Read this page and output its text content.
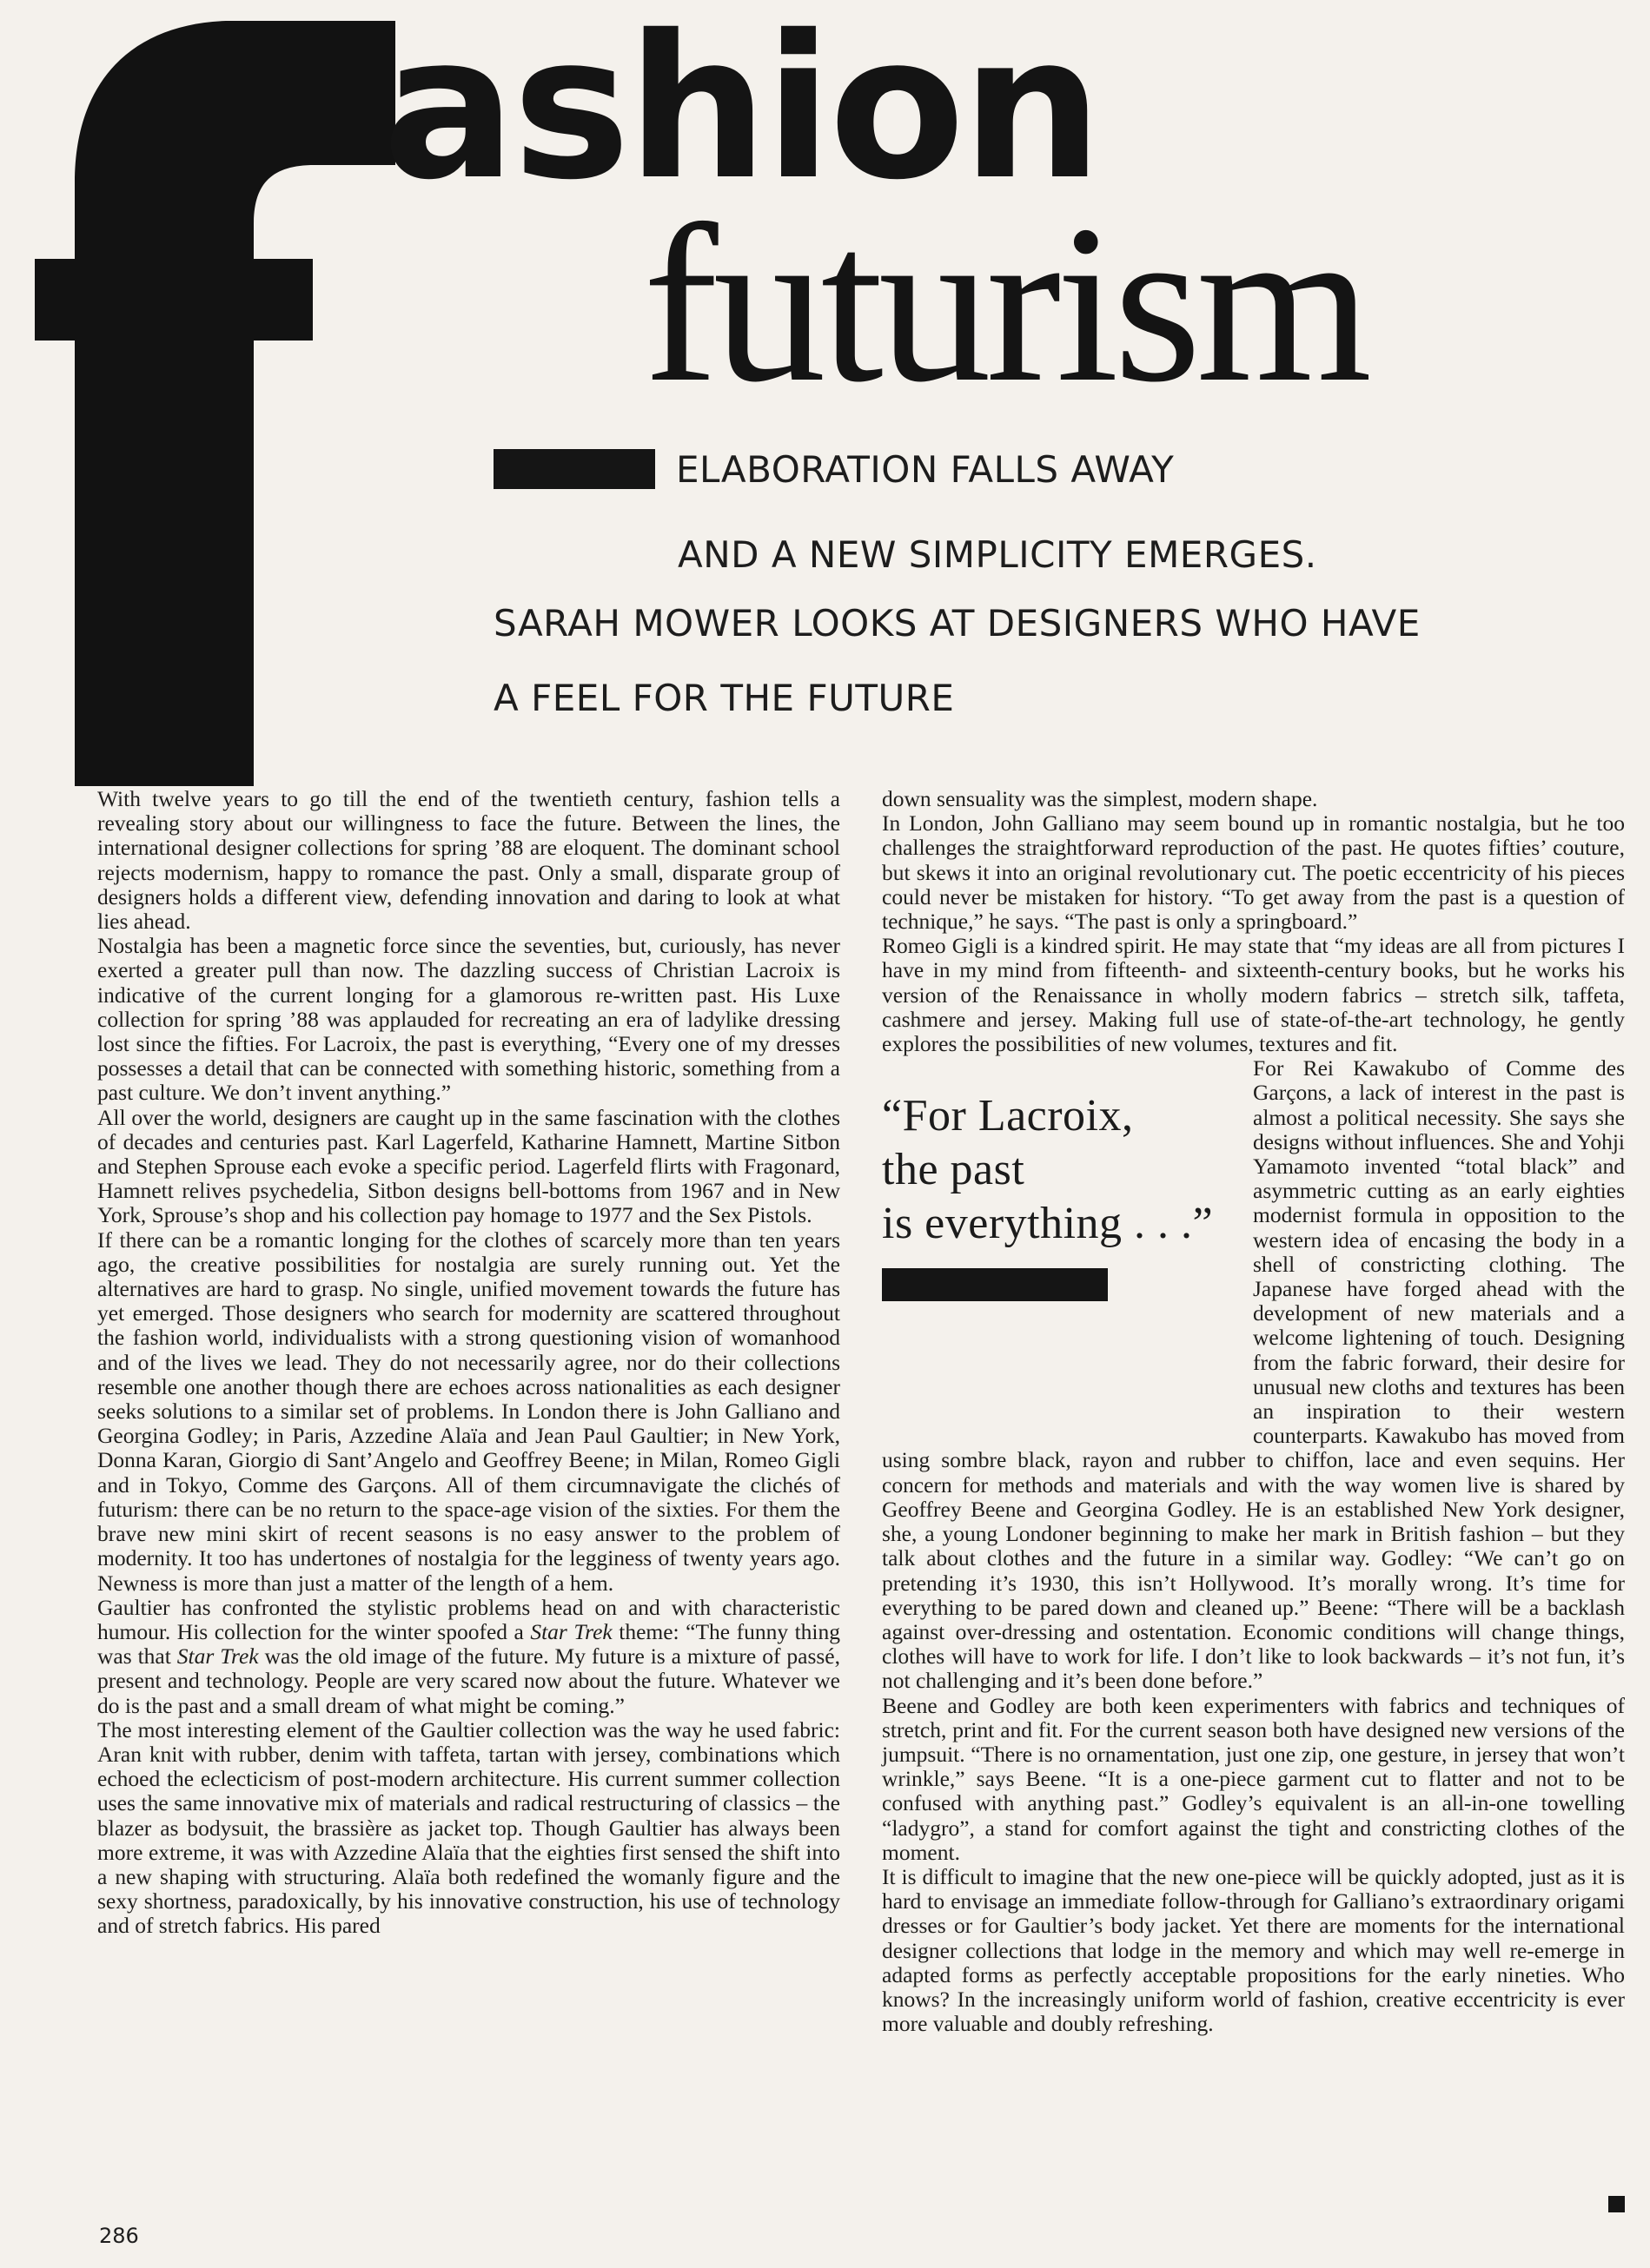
ashion
futurism
ELABORATION FALLS AWAY
AND A NEW SIMPLICITY EMERGES.
SARAH MOWER LOOKS AT DESIGNERS WHO HAVE
A FEEL FOR THE FUTURE

With twelve years to go till the end of the twentieth century, fashion tells a revealing story about our willingness to face the future. Between the lines, the international designer collections for spring ’88 are eloquent. The dominant school rejects modernism, happy to romance the past. Only a small, disparate group of designers holds a different view, defending innovation and daring to look at what lies ahead.

Nostalgia has been a magnetic force since the seventies, but, curiously, has never exerted a greater pull than now. The dazzling success of Christian Lacroix is indicative of the current longing for a glamorous re-written past. His Luxe collection for spring ’88 was applauded for recreating an era of ladylike dressing lost since the fifties. For Lacroix, the past is everything, “Every one of my dresses possesses a detail that can be connected with something historic, something from a past culture. We don’t invent anything.”

All over the world, designers are caught up in the same fascination with the clothes of decades and centuries past. Karl Lagerfeld, Katharine Hamnett, Martine Sitbon and Stephen Sprouse each evoke a specific period. Lagerfeld flirts with Fragonard, Hamnett relives psychedelia, Sitbon designs bell-bottoms from 1967 and in New York, Sprouse’s shop and his collection pay homage to 1977 and the Sex Pistols.

If there can be a romantic longing for the clothes of scarcely more than ten years ago, the creative possibilities for nostalgia are surely running out. Yet the alternatives are hard to grasp. No single, unified movement towards the future has yet emerged. Those designers who search for modernity are scattered throughout the fashion world, individualists with a strong questioning vision of womanhood and of the lives we lead. They do not necessarily agree, nor do their collections resemble one another though there are echoes across nationalities as each designer seeks solutions to a similar set of problems. In London there is John Galliano and Georgina Godley; in Paris, Azzedine Alaïa and Jean Paul Gaultier; in New York, Donna Karan, Giorgio di Sant’Angelo and Geoffrey Beene; in Milan, Romeo Gigli and in Tokyo, Comme des Garçons. All of them circumnavigate the clichés of futurism: there can be no return to the space-age vision of the sixties. For them the brave new mini skirt of recent seasons is no easy answer to the problem of modernity. It too has undertones of nostalgia for the legginess of twenty years ago. Newness is more than just a matter of the length of a hem.

Gaultier has confronted the stylistic problems head on and with characteristic humour. His collection for the winter spoofed a Star Trek theme: “The funny thing was that Star Trek was the old image of the future. My future is a mixture of passé, present and technology. People are very scared now about the future. Whatever we do is the past and a small dream of what might be coming.”

The most interesting element of the Gaultier collection was the way he used fabric: Aran knit with rubber, denim with taffeta, tartan with jersey, combinations which echoed the eclecticism of post-modern architecture. His current summer collection uses the same innovative mix of materials and radical restructuring of classics – the blazer as bodysuit, the brassière as jacket top. Though Gaultier has always been more extreme, it was with Azzedine Alaïa that the eighties first sensed the shift into a new shaping with structuring. Alaïa both redefined the womanly figure and the sexy shortness, paradoxically, by his innovative construction, his use of technology and of stretch fabrics. His pared

down sensuality was the simplest, modern shape.

In London, John Galliano may seem bound up in romantic nostalgia, but he too challenges the straightforward reproduction of the past. He quotes fifties’ couture, but skews it into an original revolutionary cut. The poetic eccentricity of his pieces could never be mistaken for history. “To get away from the past is a question of technique,” he says. “The past is only a springboard.”

Romeo Gigli is a kindred spirit. He may state that “my ideas are all from pictures I have in my mind from fifteenth- and sixteenth-century books, but he works his version of the Renaissance in wholly modern fabrics – stretch silk, taffeta, cashmere and jersey. Making full use of state-of-the-art technology, he gently explores the possibilities of new volumes, textures and fit.

“For Lacroix,
the past
is everything . . .”

For Rei Kawakubo of Comme des Garçons, a lack of interest in the past is almost a political necessity. She says she designs without influences. She and Yohji Yamamoto invented “total black” and asymmetric cutting as an early eighties modernist formula in opposition to the western idea of encasing the body in a shell of constricting clothing. The Japanese have forged ahead with the development of new materials and a welcome lightening of touch. Designing from the fabric forward, their desire for unusual new cloths and textures has been an inspiration to their western counterparts. Kawakubo has moved from using sombre black, rayon and rubber to chiffon, lace and even sequins. Her concern for methods and materials and with the way women live is shared by Geoffrey Beene and Georgina Godley. He is an established New York designer, she, a young Londoner beginning to make her mark in British fashion – but they talk about clothes and the future in a similar way. Godley: “We can’t go on pretending it’s 1930, this isn’t Hollywood. It’s morally wrong. It’s time for everything to be pared down and cleaned up.” Beene: “There will be a backlash against over-dressing and ostentation. Economic conditions will change things, clothes will have to work for life. I don’t like to look backwards – it’s not fun, it’s not challenging and it’s been done before.”

Beene and Godley are both keen experimenters with fabrics and techniques of stretch, print and fit. For the current season both have designed new versions of the jumpsuit. “There is no ornamentation, just one zip, one gesture, in jersey that won’t wrinkle,” says Beene. “It is a one-piece garment cut to flatter and not to be confused with anything past.” Godley’s equivalent is an all-in-one towelling “ladygro”, a stand for comfort against the tight and constricting clothes of the moment.

It is difficult to imagine that the new one-piece will be quickly adopted, just as it is hard to envisage an immediate follow-through for Galliano’s extraordinary origami dresses or for Gaultier’s body jacket. Yet there are moments for the international designer collections that lodge in the memory and which may well re-emerge in adapted forms as perfectly acceptable propositions for the early nineties. Who knows? In the increasingly uniform world of fashion, creative eccentricity is ever more valuable and doubly refreshing.

286
